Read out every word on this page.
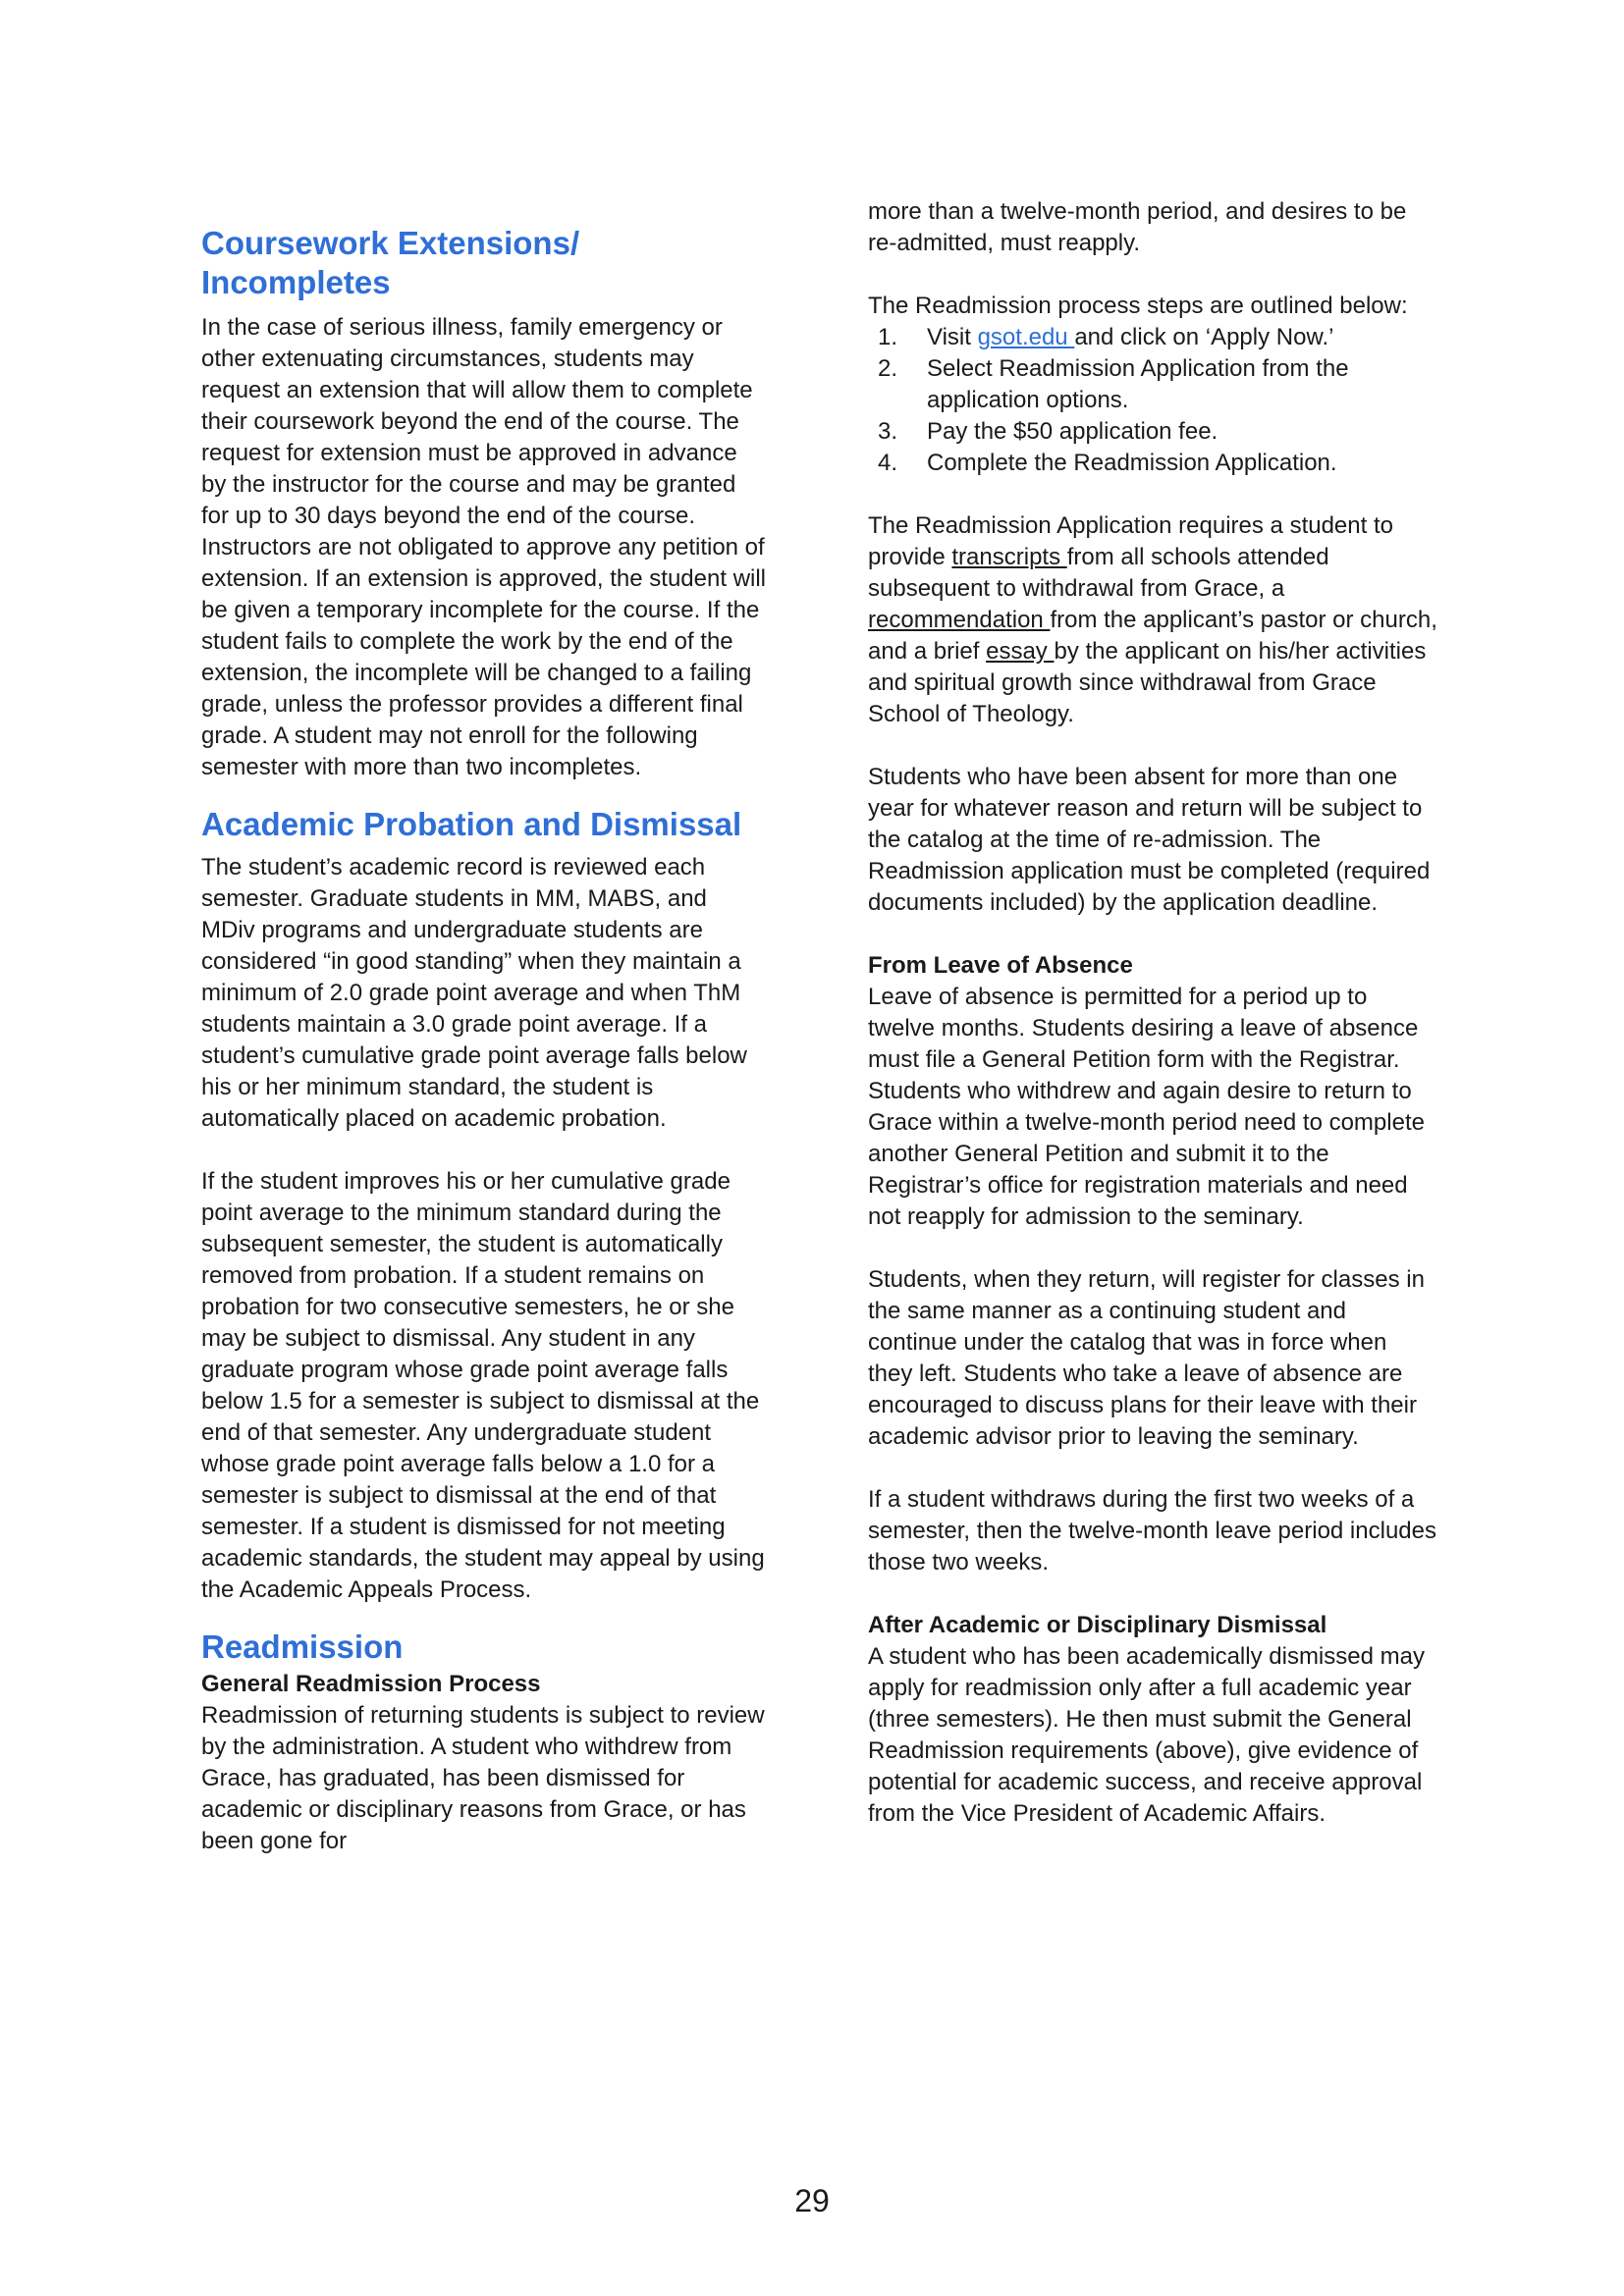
Coursework Extensions/
Incompletes

In the case of serious illness, family emergency or other extenuating circumstances, students may request an extension that will allow them to complete their coursework beyond the end of the course. The request for extension must be approved in advance by the instructor for the course and may be granted for up to 30 days beyond the end of the course. Instructors are not obligated to approve any petition of extension. If an extension is approved, the student will be given a temporary incomplete for the course. If the student fails to complete the work by the end of the extension, the incomplete will be changed to a failing grade, unless the professor provides a different final grade. A student may not enroll for the following semester with more than two incompletes.

Academic Probation and Dismissal

The student’s academic record is reviewed each semester. Graduate students in MM, MABS, and MDiv programs and undergraduate students are considered “in good standing” when they maintain a minimum of 2.0 grade point average and when ThM students maintain a 3.0 grade point average. If a student’s cumulative grade point average falls below his or her minimum standard, the student is automatically placed on academic probation.

If the student improves his or her cumulative grade point average to the minimum standard during the subsequent semester, the student is automatically removed from probation. If a student remains on probation for two consecutive semesters, he or she may be subject to dismissal. Any student in any graduate program whose grade point average falls below 1.5 for a semester is subject to dismissal at the end of that semester. Any undergraduate student whose grade point average falls below a 1.0 for a semester is subject to dismissal at the end of that semester. If a student is dismissed for not meeting academic standards, the student may appeal by using the Academic Appeals Process.

Readmission

General Readmission Process

Readmission of returning students is subject to review by the administration. A student who withdrew from Grace, has graduated, has been dismissed for academic or disciplinary reasons from Grace, or has been gone for

more than a twelve-month period, and desires to be re-admitted, must reapply.

The Readmission process steps are outlined below:

1. Visit gsot.edu and click on ‘Apply Now.’
2. Select Readmission Application from the application options.
3. Pay the $50 application fee.
4. Complete the Readmission Application.

The Readmission Application requires a student to provide transcripts from all schools attended subsequent to withdrawal from Grace, a recommendation from the applicant’s pastor or church, and a brief essay by the applicant on his/her activities and spiritual growth since withdrawal from Grace School of Theology.

Students who have been absent for more than one year for whatever reason and return will be subject to the catalog at the time of re-admission. The Readmission application must be completed (required documents included) by the application deadline.

From Leave of Absence

Leave of absence is permitted for a period up to twelve months. Students desiring a leave of absence must file a General Petition form with the Registrar. Students who withdrew and again desire to return to Grace within a twelve-month period need to complete another General Petition and submit it to the Registrar’s office for registration materials and need not reapply for admission to the seminary.

Students, when they return, will register for classes in the same manner as a continuing student and continue under the catalog that was in force when they left. Students who take a leave of absence are encouraged to discuss plans for their leave with their academic advisor prior to leaving the seminary.

If a student withdraws during the first two weeks of a semester, then the twelve-month leave period includes those two weeks.

After Academic or Disciplinary Dismissal

A student who has been academically dismissed may apply for readmission only after a full academic year (three semesters). He then must submit the General Readmission requirements (above), give evidence of potential for academic success, and receive approval from the Vice President of Academic Affairs.

29
